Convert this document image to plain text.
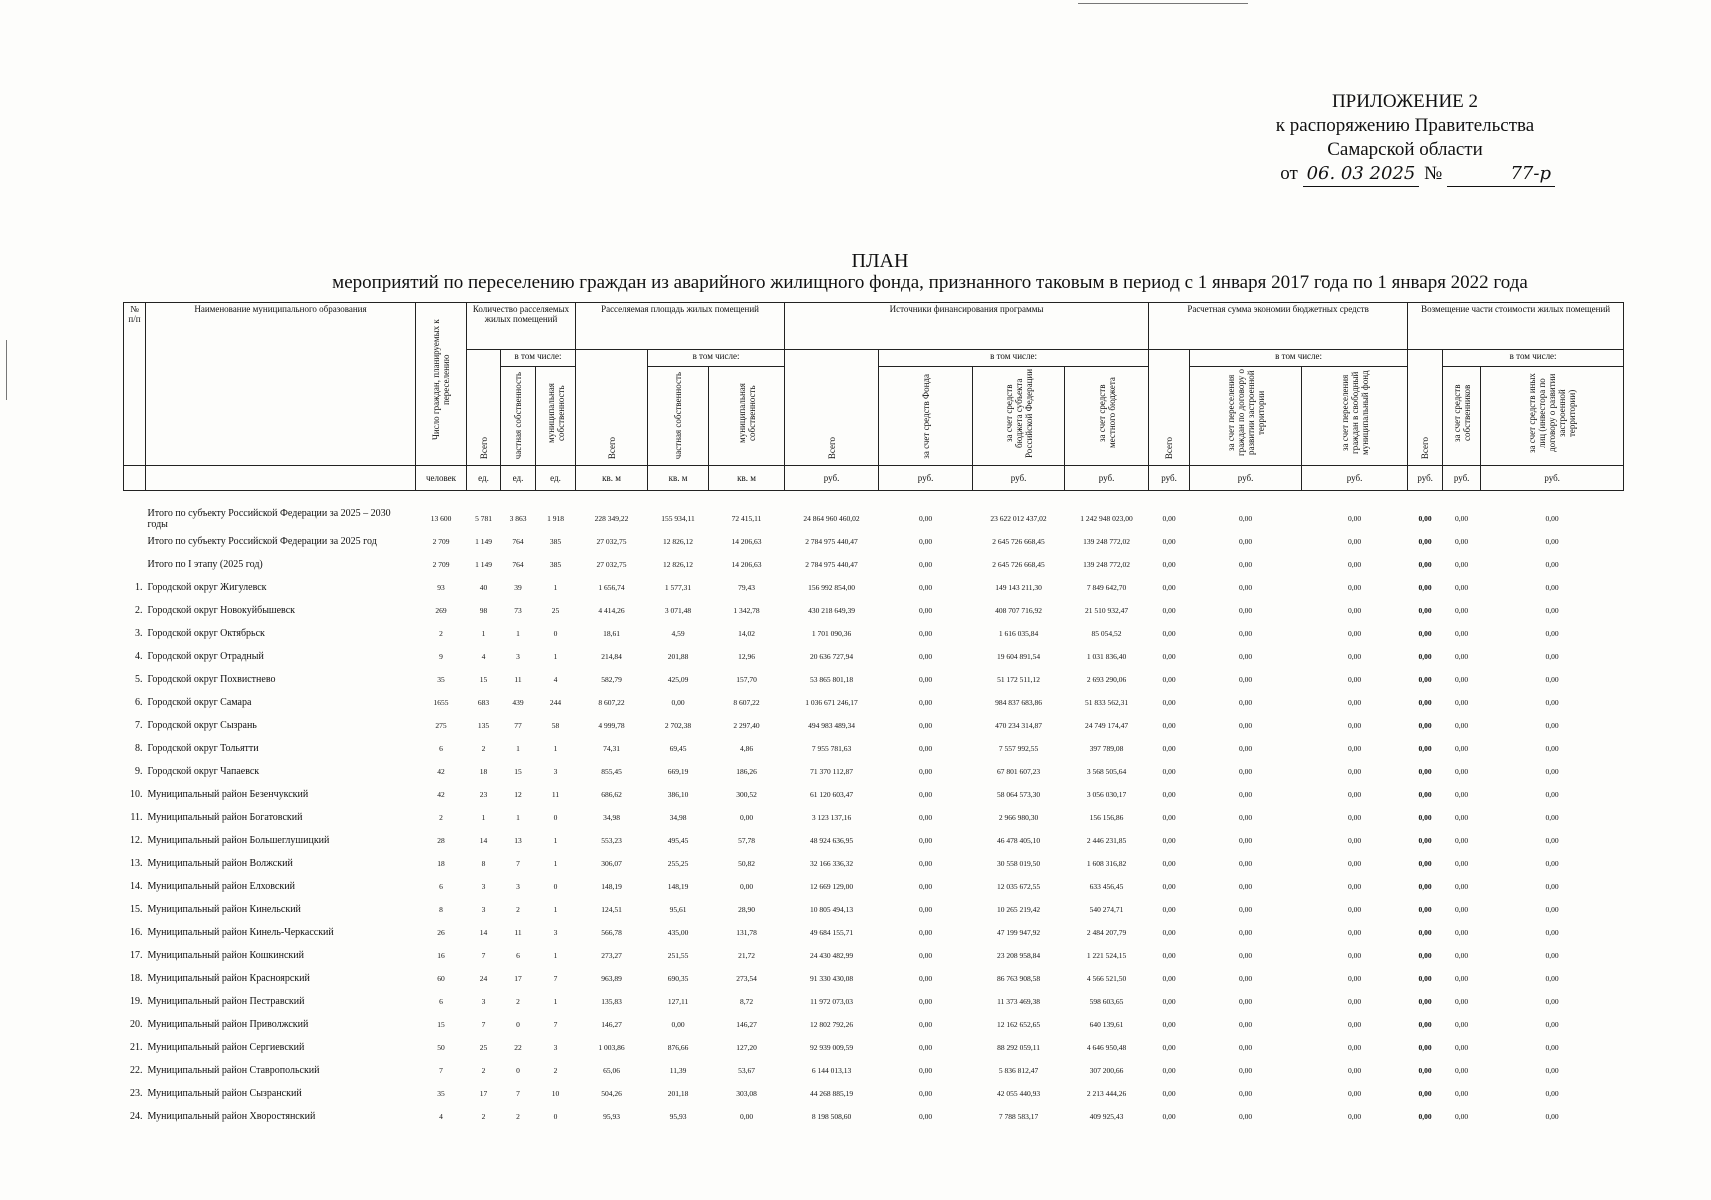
ПРИЛОЖЕНИЕ 2
к распоряжению Правительства
Самарской области
от 06. 03 2025 №	77-р
ПЛАН
мероприятий по переселению граждан из аварийного жилищного фонда, признанного таковым в период с 1 января 2017 года по 1 января 2022 года
№ п/п	Наименование муниципального образования	Число граждан, планируемых к переселению	Количество расселяемых жилых помещений			Расселяемая площадь жилых помещений			Источники финансирования программы				Расчетная сумма экономии бюджетных средств			Возмещение части стоимости жилых помещений		
			Всего	в том числе:		Всего	в том числе:		Всего	в том числе:			Всего	в том числе:		Всего	в том числе:	
				частная собственность	муниципальная собственность		частная собственность	муниципальная собственность		за счет средств Фонда	за счет средств бюджета субъекта Российской Федерации	за счет средств местного бюджета		за счет переселения граждан по договору о развитии застроенной территории	за счет переселения граждан в свободный муниципальный фонд		за счет средств собственников	за счет средств иных лиц (инвестора по договору о развитии застроенной территории)
		человек	ед.	ед.	ед.	кв. м	кв. м	кв. м	руб.	руб.	руб.	руб.	руб.	руб.	руб.	руб.	руб.	руб.

	Итого по субъекту Российской Федерации за 2025 – 2030 годы	13 600	5 781	3 863	1 918	228 349,22	155 934,11	72 415,11	24 864 960 460,02	0,00	23 622 012 437,02	1 242 948 023,00	0,00	0,00	0,00	0,00	0,00	0,00
	Итого по субъекту Российской Федерации за 2025 год	2 709	1 149	764	385	27 032,75	12 826,12	14 206,63	2 784 975 440,47	0,00	2 645 726 668,45	139 248 772,02	0,00	0,00	0,00	0,00	0,00	0,00
	Итого по I этапу (2025 год)	2 709	1 149	764	385	27 032,75	12 826,12	14 206,63	2 784 975 440,47	0,00	2 645 726 668,45	139 248 772,02	0,00	0,00	0,00	0,00	0,00	0,00
1.	Городской округ Жигулевск	93	40	39	1	1 656,74	1 577,31	79,43	156 992 854,00	0,00	149 143 211,30	7 849 642,70	0,00	0,00	0,00	0,00	0,00	0,00
2.	Городской округ Новокуйбышевск	269	98	73	25	4 414,26	3 071,48	1 342,78	430 218 649,39	0,00	408 707 716,92	21 510 932,47	0,00	0,00	0,00	0,00	0,00	0,00
3.	Городской округ Октябрьск	2	1	1	0	18,61	4,59	14,02	1 701 090,36	0,00	1 616 035,84	85 054,52	0,00	0,00	0,00	0,00	0,00	0,00
4.	Городской округ Отрадный	9	4	3	1	214,84	201,88	12,96	20 636 727,94	0,00	19 604 891,54	1 031 836,40	0,00	0,00	0,00	0,00	0,00	0,00
5.	Городской округ Похвистнево	35	15	11	4	582,79	425,09	157,70	53 865 801,18	0,00	51 172 511,12	2 693 290,06	0,00	0,00	0,00	0,00	0,00	0,00
6.	Городской округ Самара	1655	683	439	244	8 607,22	0,00	8 607,22	1 036 671 246,17	0,00	984 837 683,86	51 833 562,31	0,00	0,00	0,00	0,00	0,00	0,00
7.	Городской округ Сызрань	275	135	77	58	4 999,78	2 702,38	2 297,40	494 983 489,34	0,00	470 234 314,87	24 749 174,47	0,00	0,00	0,00	0,00	0,00	0,00
8.	Городской округ Тольятти	6	2	1	1	74,31	69,45	4,86	7 955 781,63	0,00	7 557 992,55	397 789,08	0,00	0,00	0,00	0,00	0,00	0,00
9.	Городской округ Чапаевск	42	18	15	3	855,45	669,19	186,26	71 370 112,87	0,00	67 801 607,23	3 568 505,64	0,00	0,00	0,00	0,00	0,00	0,00
10.	Муниципальный район Безенчукский	42	23	12	11	686,62	386,10	300,52	61 120 603,47	0,00	58 064 573,30	3 056 030,17	0,00	0,00	0,00	0,00	0,00	0,00
11.	Муниципальный район Богатовский	2	1	1	0	34,98	34,98	0,00	3 123 137,16	0,00	2 966 980,30	156 156,86	0,00	0,00	0,00	0,00	0,00	0,00
12.	Муниципальный район Большеглушицкий	28	14	13	1	553,23	495,45	57,78	48 924 636,95	0,00	46 478 405,10	2 446 231,85	0,00	0,00	0,00	0,00	0,00	0,00
13.	Муниципальный район Волжский	18	8	7	1	306,07	255,25	50,82	32 166 336,32	0,00	30 558 019,50	1 608 316,82	0,00	0,00	0,00	0,00	0,00	0,00
14.	Муниципальный район Елховский	6	3	3	0	148,19	148,19	0,00	12 669 129,00	0,00	12 035 672,55	633 456,45	0,00	0,00	0,00	0,00	0,00	0,00
15.	Муниципальный район Кинельский	8	3	2	1	124,51	95,61	28,90	10 805 494,13	0,00	10 265 219,42	540 274,71	0,00	0,00	0,00	0,00	0,00	0,00
16.	Муниципальный район Кинель-Черкасский	26	14	11	3	566,78	435,00	131,78	49 684 155,71	0,00	47 199 947,92	2 484 207,79	0,00	0,00	0,00	0,00	0,00	0,00
17.	Муниципальный район Кошкинский	16	7	6	1	273,27	251,55	21,72	24 430 482,99	0,00	23 208 958,84	1 221 524,15	0,00	0,00	0,00	0,00	0,00	0,00
18.	Муниципальный район Красноярский	60	24	17	7	963,89	690,35	273,54	91 330 430,08	0,00	86 763 908,58	4 566 521,50	0,00	0,00	0,00	0,00	0,00	0,00
19.	Муниципальный район Пестравский	6	3	2	1	135,83	127,11	8,72	11 972 073,03	0,00	11 373 469,38	598 603,65	0,00	0,00	0,00	0,00	0,00	0,00
20.	Муниципальный район Приволжский	15	7	0	7	146,27	0,00	146,27	12 802 792,26	0,00	12 162 652,65	640 139,61	0,00	0,00	0,00	0,00	0,00	0,00
21.	Муниципальный район Сергиевский	50	25	22	3	1 003,86	876,66	127,20	92 939 009,59	0,00	88 292 059,11	4 646 950,48	0,00	0,00	0,00	0,00	0,00	0,00
22.	Муниципальный район Ставропольский	7	2	0	2	65,06	11,39	53,67	6 144 013,13	0,00	5 836 812,47	307 200,66	0,00	0,00	0,00	0,00	0,00	0,00
23.	Муниципальный район Сызранский	35	17	7	10	504,26	201,18	303,08	44 268 885,19	0,00	42 055 440,93	2 213 444,26	0,00	0,00	0,00	0,00	0,00	0,00
24.	Муниципальный район Хворостянский	4	2	2	0	95,93	95,93	0,00	8 198 508,60	0,00	7 788 583,17	409 925,43	0,00	0,00	0,00	0,00	0,00	0,00
